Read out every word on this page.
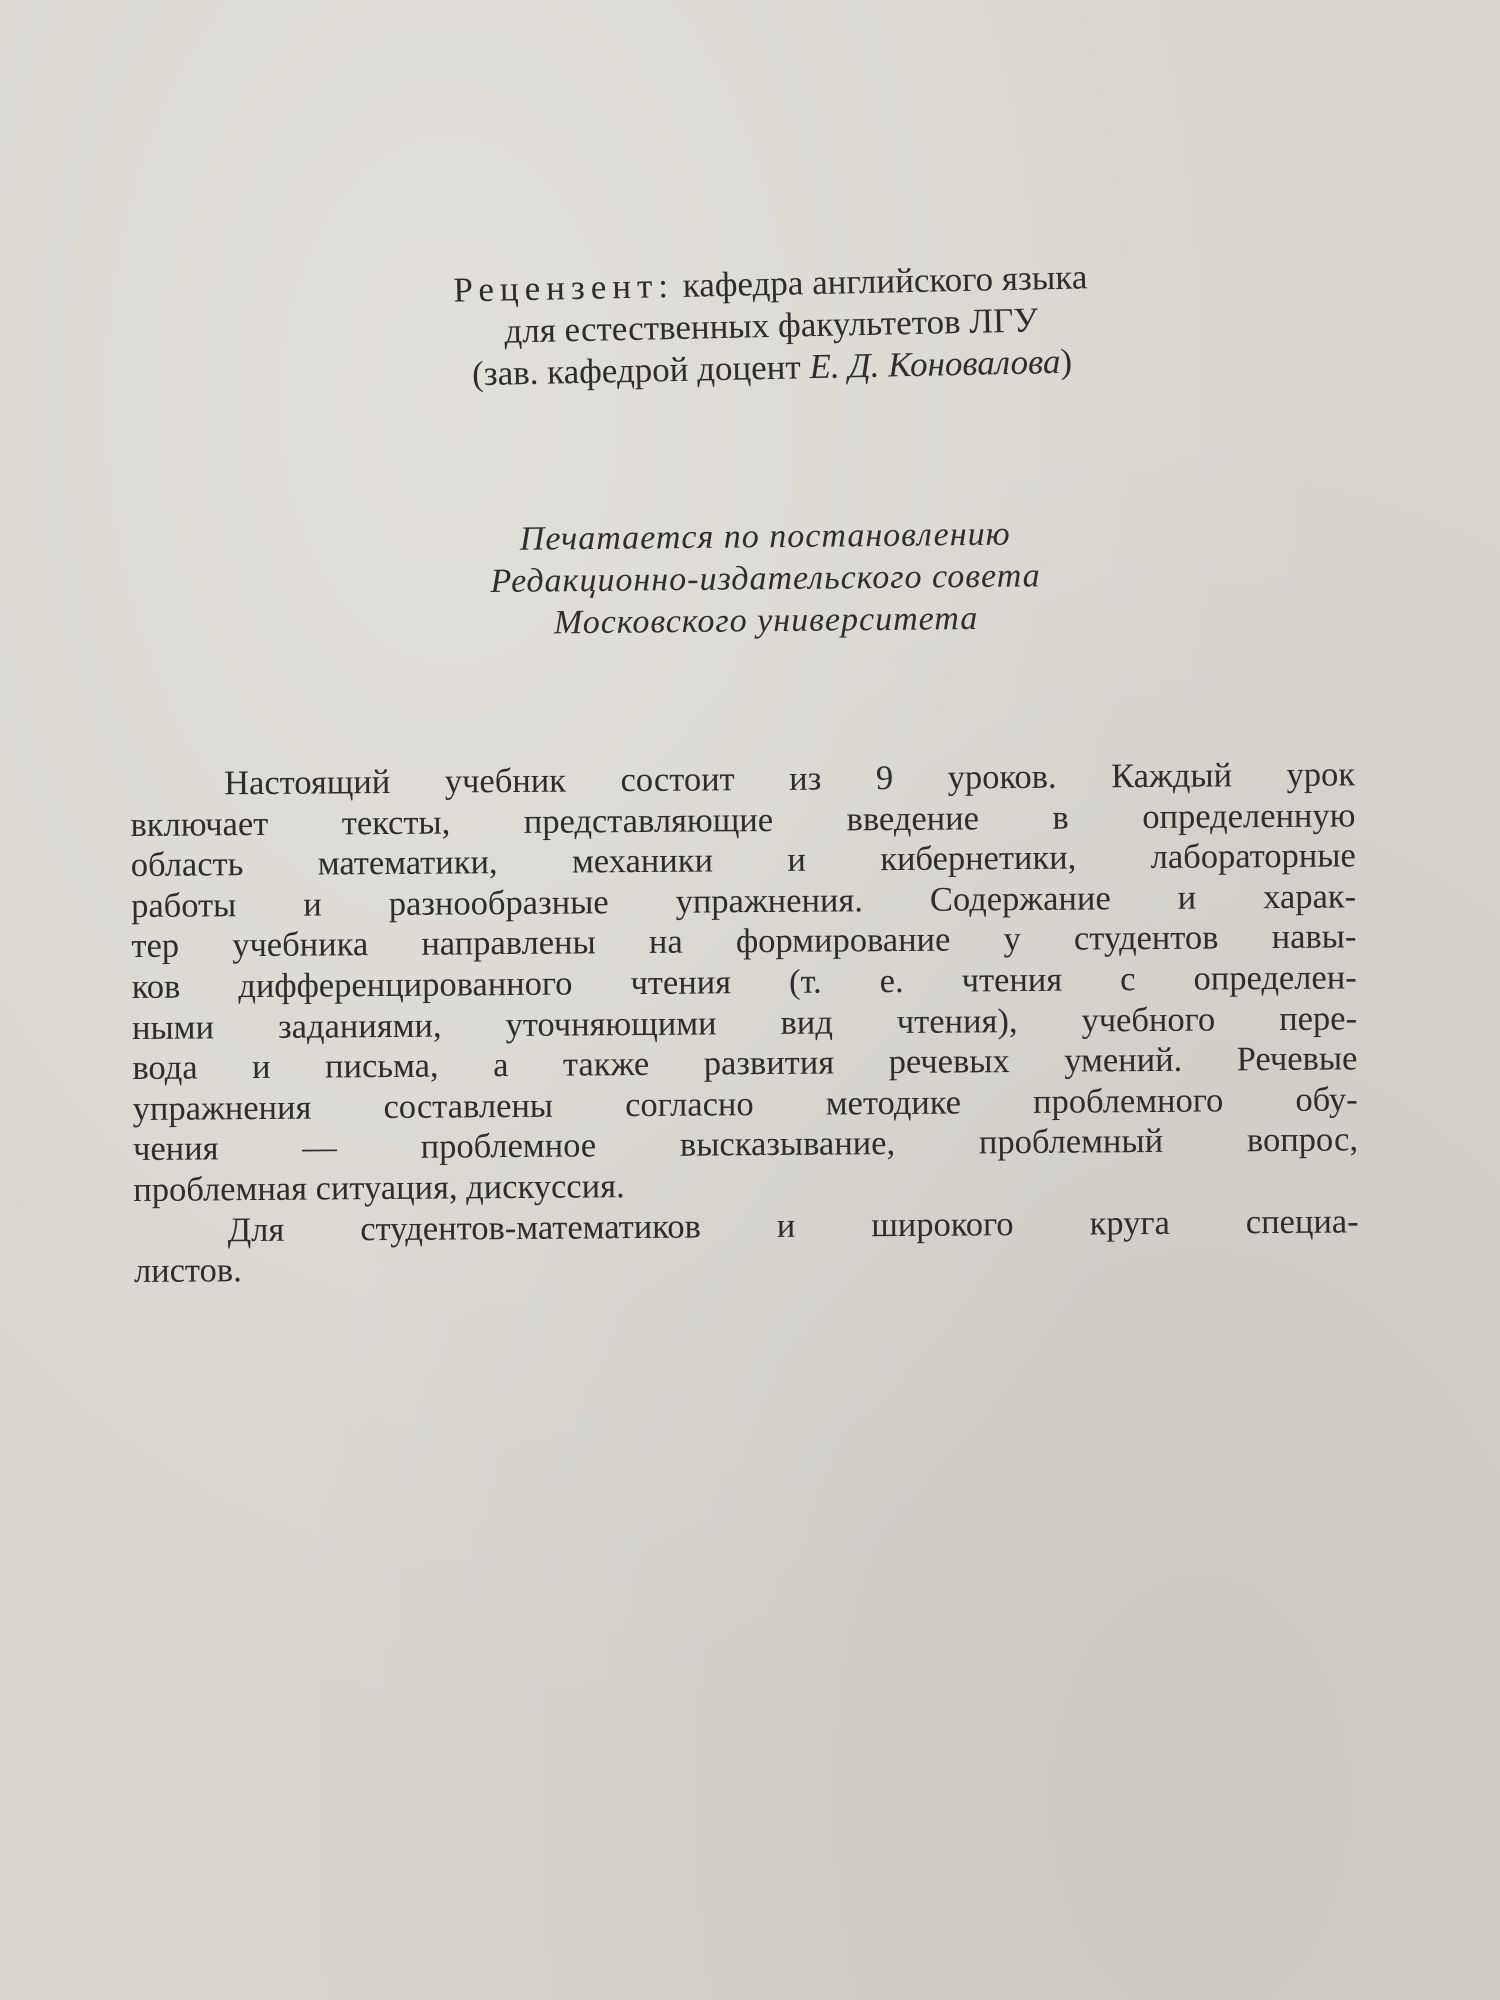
Рецензент: кафедра английского языка
для естественных факультетов ЛГУ
(зав. кафедрой доцент Е. Д. Коновалова)
Печатается по постановлению
Редакционно-издательского совета
Московского университета
Настоящий учебник состоит из 9 уроков. Каждый урок
включает тексты, представляющие введение в определенную
область математики, механики и кибернетики, лабораторные
работы и разнообразные упражнения. Содержание и харак-
тер учебника направлены на формирование у студентов навы-
ков дифференцированного чтения (т. е. чтения с определен-
ными заданиями, уточняющими вид чтения), учебного пере-
вода и письма, а также развития речевых умений. Речевые
упражнения составлены согласно методике проблемного обу-
чения — проблемное высказывание, проблемный вопрос,
проблемная ситуация, дискуссия.
Для студентов-математиков и широкого круга специа-
листов.
